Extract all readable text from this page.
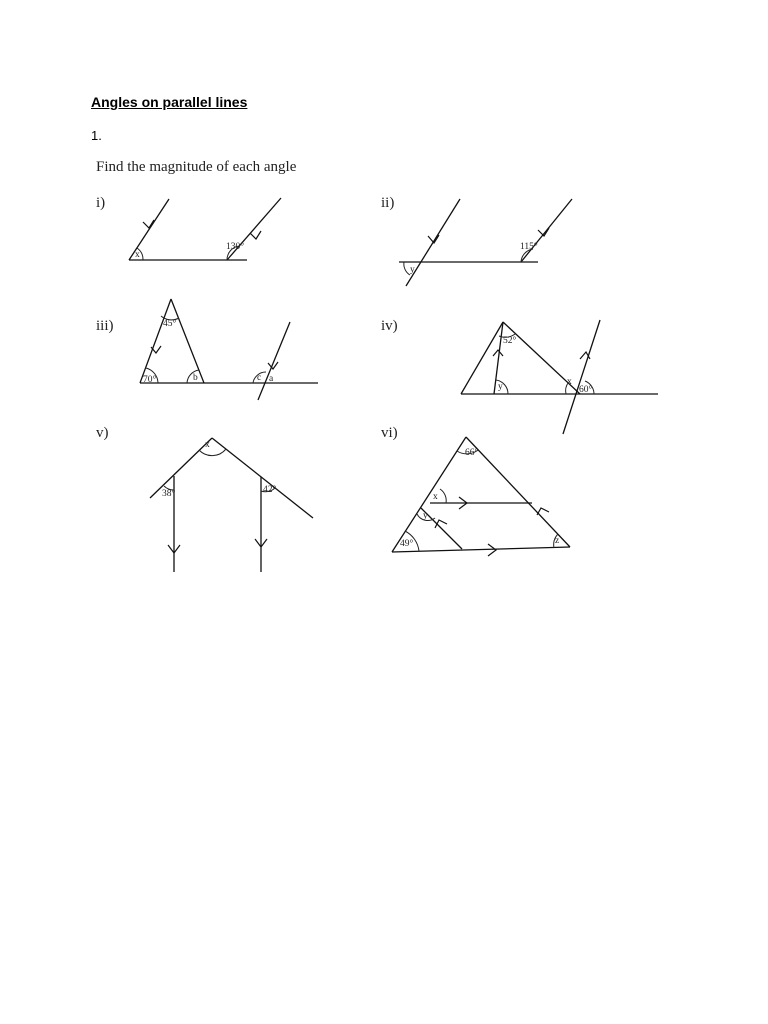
Angles on parallel lines
1.
Find the magnitude of each angle
i)	ii)
iii)	iv)
v)	vi)
x
130°
y
115°
45°
70°	b	c a
52°
y	x
60°
x
38°	42°
66°
x
y
49°	z
